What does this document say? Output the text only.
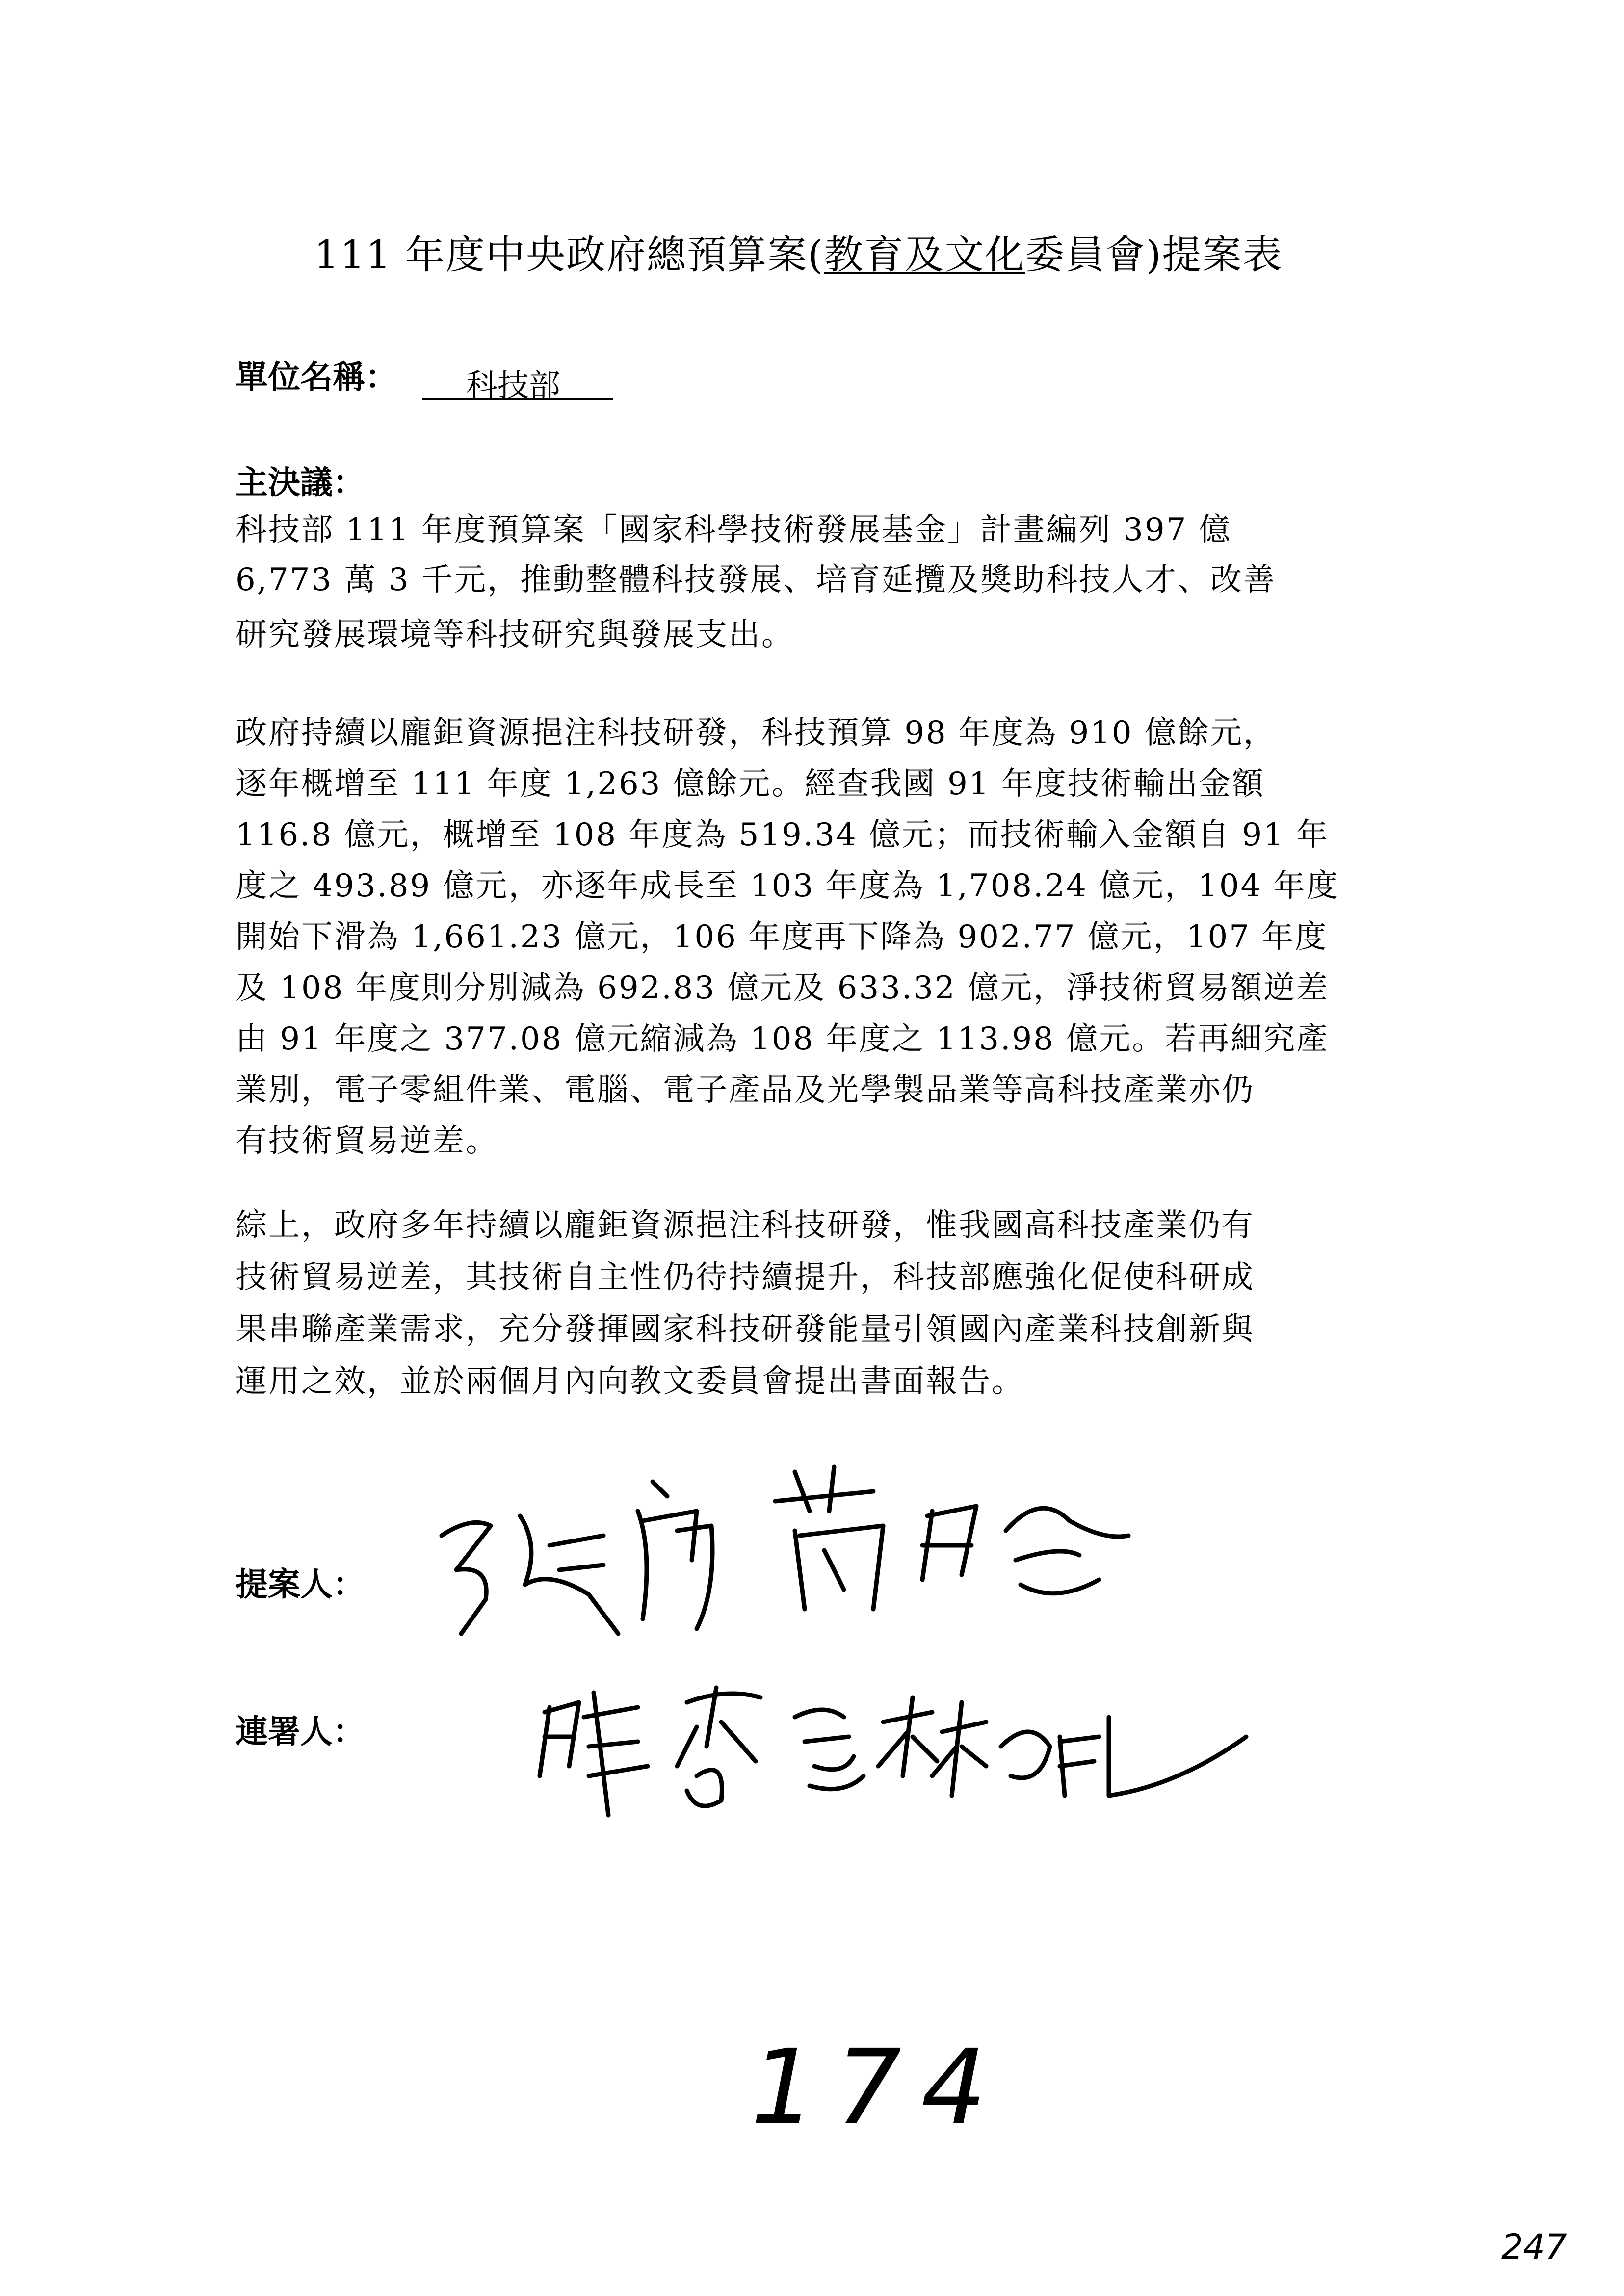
111 年度中央政府總預算案(教育及文化委員會)提案表
單位名稱：	科技部
主決議：
科技部 111 年度預算案「國家科學技術發展基金」計畫編列 397 億
6,773 萬 3 千元，推動整體科技發展、培育延攬及獎助科技人才、改善
研究發展環境等科技研究與發展支出。
政府持續以龐鉅資源挹注科技研發，科技預算 98 年度為 910 億餘元，
逐年概增至 111 年度 1,263 億餘元。經查我國 91 年度技術輸出金額
116.8 億元，概增至 108 年度為 519.34 億元；而技術輸入金額自 91 年
度之 493.89 億元，亦逐年成長至 103 年度為 1,708.24 億元，104 年度
開始下滑為 1,661.23 億元，106 年度再下降為 902.77 億元，107 年度
及 108 年度則分別減為 692.83 億元及 633.32 億元，淨技術貿易額逆差
由 91 年度之 377.08 億元縮減為 108 年度之 113.98 億元。若再細究產
業別，電子零組件業、電腦、電子產品及光學製品業等高科技產業亦仍
有技術貿易逆差。
綜上，政府多年持續以龐鉅資源挹注科技研發，惟我國高科技產業仍有
技術貿易逆差，其技術自主性仍待持續提升，科技部應強化促使科研成
果串聯產業需求，充分發揮國家科技研發能量引領國內產業科技創新與
運用之效，並於兩個月內向教文委員會提出書面報告。
提案人：
連署人：
174
247
